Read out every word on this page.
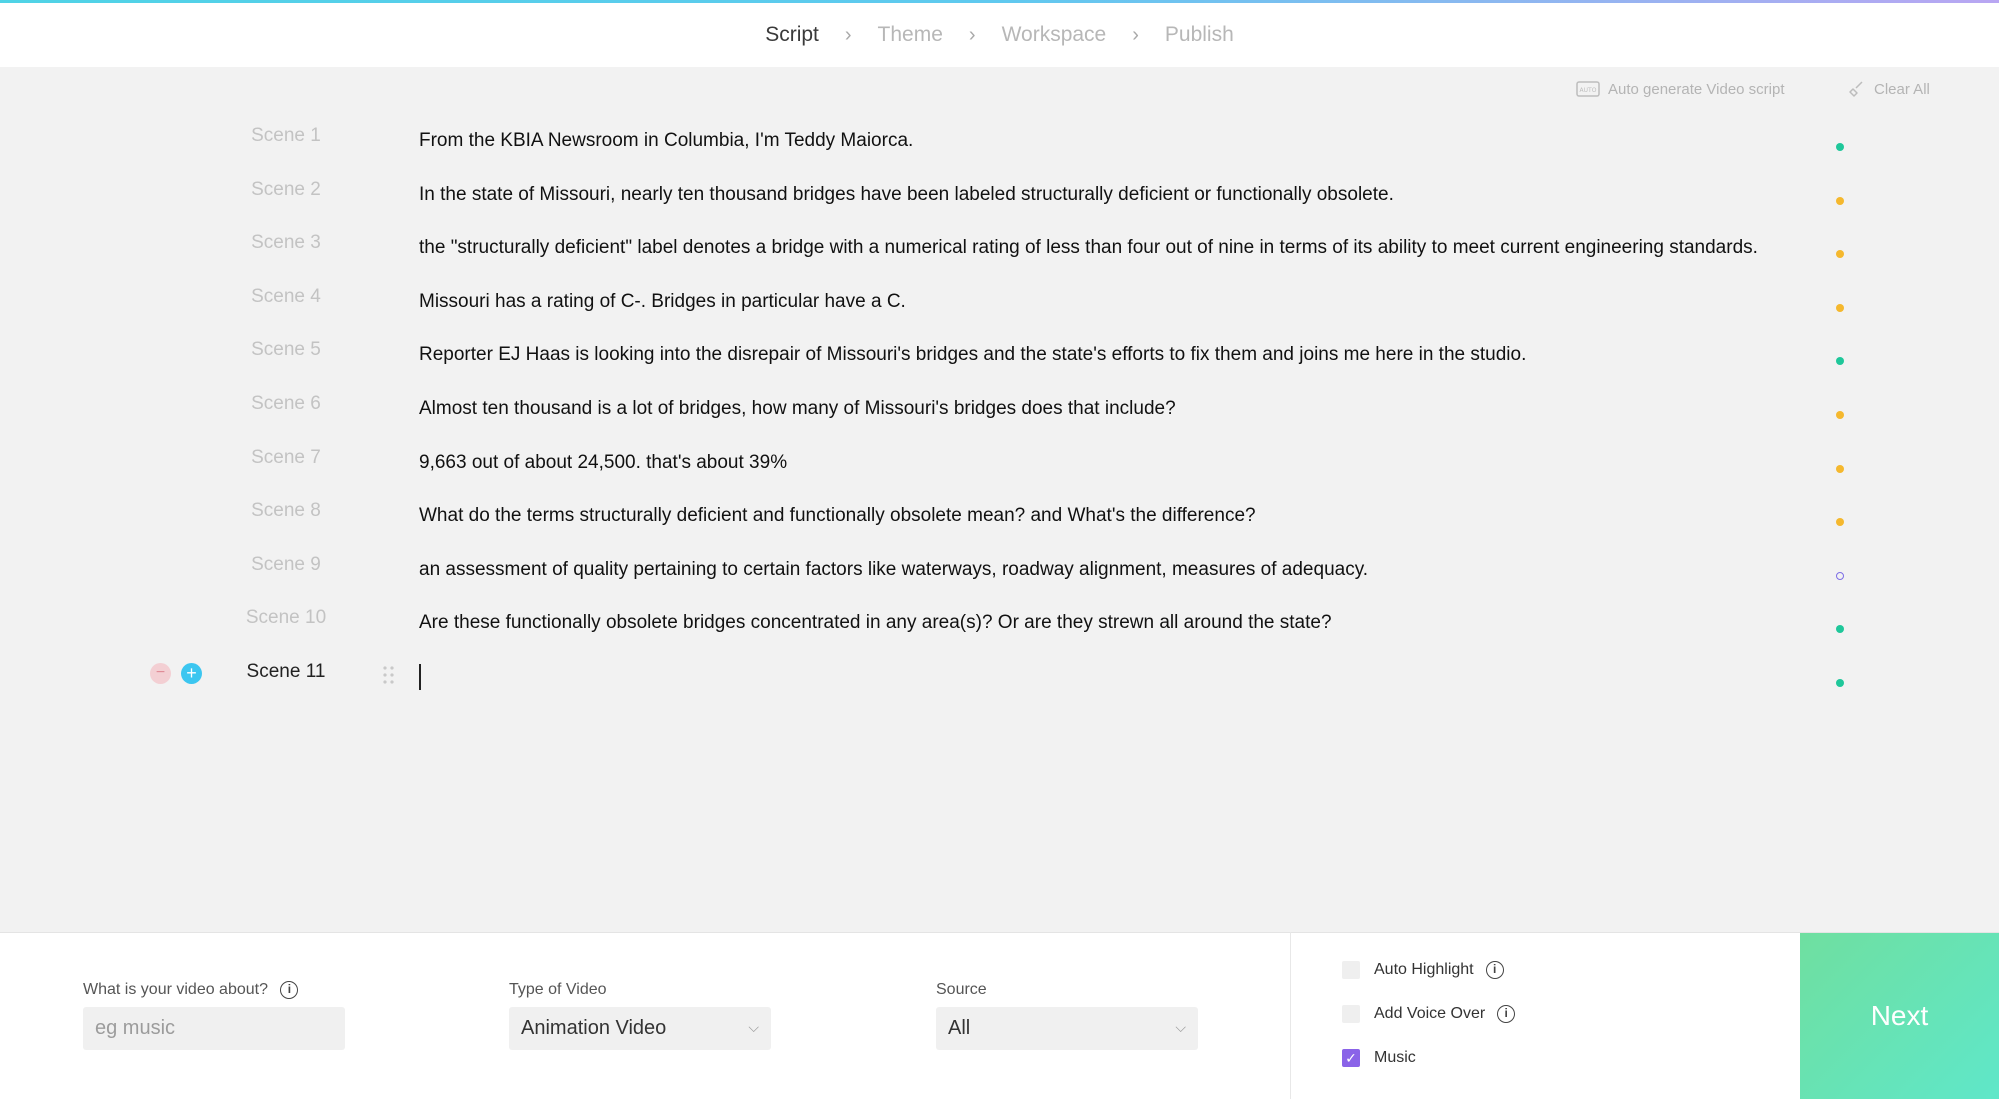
Script › Theme › Workspace › Publish
AUTO Auto generate Video script	Clear All
Scene 1	From the KBIA Newsroom in Columbia, I'm Teddy Maiorca.
Scene 2	In the state of Missouri, nearly ten thousand bridges have been labeled structurally deficient or functionally obsolete.
Scene 3	the "structurally deficient" label denotes a bridge with a numerical rating of less than four out of nine in terms of its ability to meet current engineering standards.
Scene 4	Missouri has a rating of C-. Bridges in particular have a C.
Scene 5	Reporter EJ Haas is looking into the disrepair of Missouri's bridges and the state's efforts to fix them and joins me here in the studio.
Scene 6	Almost ten thousand is a lot of bridges, how many of Missouri's bridges does that include?
Scene 7	9,663 out of about 24,500. that's about 39%
Scene 8	What do the terms structurally deficient and functionally obsolete mean? and What's the difference?
Scene 9	an assessment of quality pertaining to certain factors like waterways, roadway alignment, measures of adequacy.
Scene 10	Are these functionally obsolete bridges concentrated in any area(s)? Or are they strewn all around the state?
−	+	Scene 11
What is your video about? i
eg music
Type of Video
Animation Video	⌵
Source
All	⌵
Auto Highlight	i
Add Voice Over	i
✓ Music
Next
